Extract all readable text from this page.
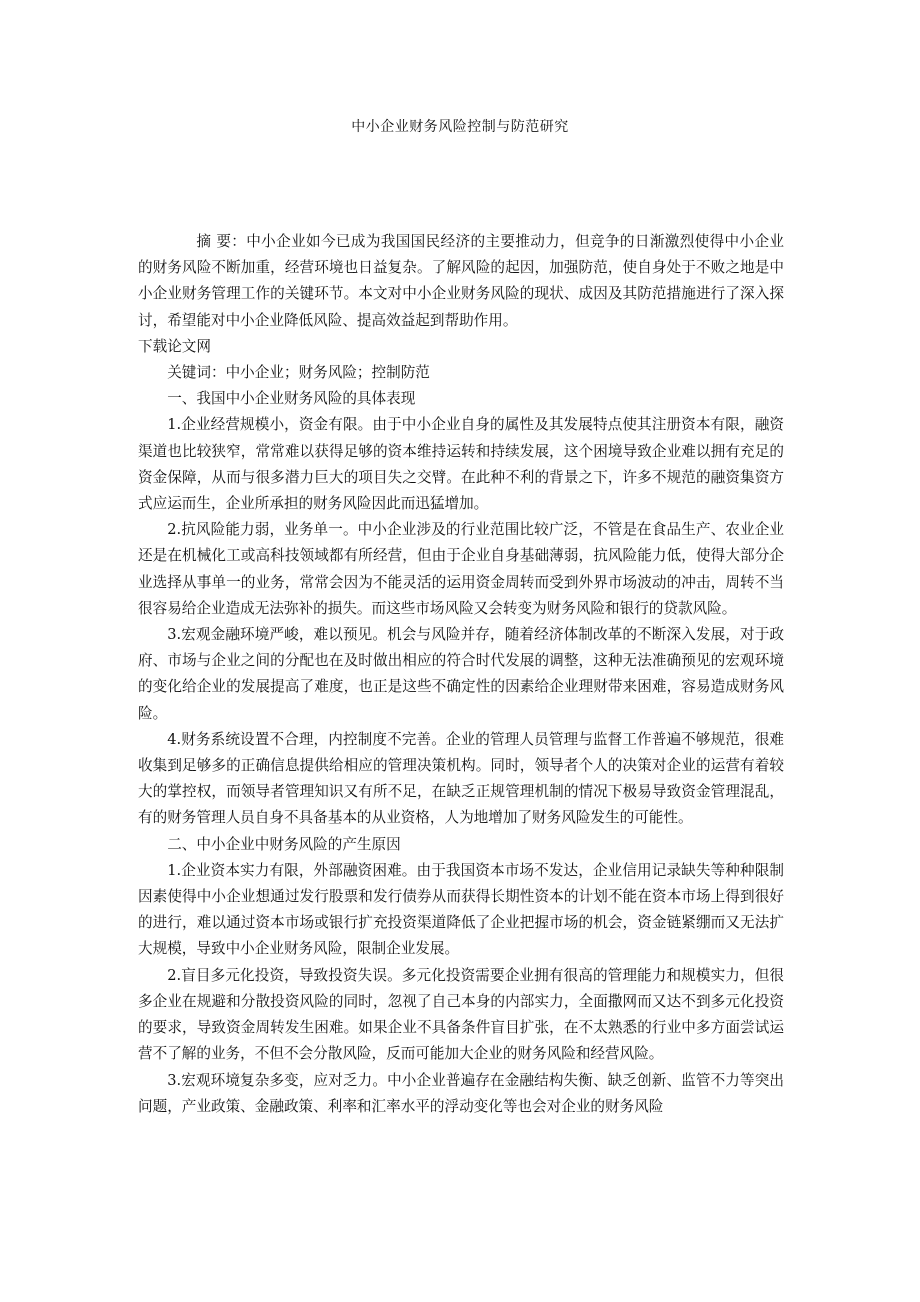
中小企业财务风险控制与防范研究

摘 要：中小企业如今已成为我国国民经济的主要推动力，但竞争的日渐激烈使得中小企业的财务风险不断加重，经营环境也日益复杂。了解风险的起因，加强防范，使自身处于不败之地是中小企业财务管理工作的关键环节。本文对中小企业财务风险的现状、成因及其防范措施进行了深入探讨，希望能对中小企业降低风险、提高效益起到帮助作用。

下载论文网

关键词：中小企业；财务风险；控制防范

一、我国中小企业财务风险的具体表现

1.企业经营规模小，资金有限。由于中小企业自身的属性及其发展特点使其注册资本有限，融资渠道也比较狭窄，常常难以获得足够的资本维持运转和持续发展，这个困境导致企业难以拥有充足的资金保障，从而与很多潜力巨大的项目失之交臂。在此种不利的背景之下，许多不规范的融资集资方式应运而生，企业所承担的财务风险因此而迅猛增加。

2.抗风险能力弱，业务单一。中小企业涉及的行业范围比较广泛，不管是在食品生产、农业企业还是在机械化工或高科技领域都有所经营，但由于企业自身基础薄弱，抗风险能力低，使得大部分企业选择从事单一的业务，常常会因为不能灵活的运用资金周转而受到外界市场波动的冲击，周转不当很容易给企业造成无法弥补的损失。而这些市场风险又会转变为财务风险和银行的贷款风险。

3.宏观金融环境严峻，难以预见。机会与风险并存，随着经济体制改革的不断深入发展，对于政府、市场与企业之间的分配也在及时做出相应的符合时代发展的调整，这种无法准确预见的宏观环境的变化给企业的发展提高了难度，也正是这些不确定性的因素给企业理财带来困难，容易造成财务风险。

4.财务系统设置不合理，内控制度不完善。企业的管理人员管理与监督工作普遍不够规范，很难收集到足够多的正确信息提供给相应的管理决策机构。同时，领导者个人的决策对企业的运营有着较大的掌控权，而领导者管理知识又有所不足，在缺乏正规管理机制的情况下极易导致资金管理混乱，有的财务管理人员自身不具备基本的从业资格，人为地增加了财务风险发生的可能性。

二、中小企业中财务风险的产生原因

1.企业资本实力有限，外部融资困难。由于我国资本市场不发达，企业信用记录缺失等种种限制因素使得中小企业想通过发行股票和发行债券从而获得长期性资本的计划不能在资本市场上得到很好的进行，难以通过资本市场或银行扩充投资渠道降低了企业把握市场的机会，资金链紧绷而又无法扩大规模，导致中小企业财务风险，限制企业发展。

2.盲目多元化投资，导致投资失误。多元化投资需要企业拥有很高的管理能力和规模实力，但很多企业在规避和分散投资风险的同时，忽视了自己本身的内部实力，全面撒网而又达不到多元化投资的要求，导致资金周转发生困难。如果企业不具备条件盲目扩张，在不太熟悉的行业中多方面尝试运营不了解的业务，不但不会分散风险，反而可能加大企业的财务风险和经营风险。

3.宏观环境复杂多变，应对乏力。中小企业普遍存在金融结构失衡、缺乏创新、监管不力等突出问题，产业政策、金融政策、利率和汇率水平的浮动变化等也会对企业的财务风险
